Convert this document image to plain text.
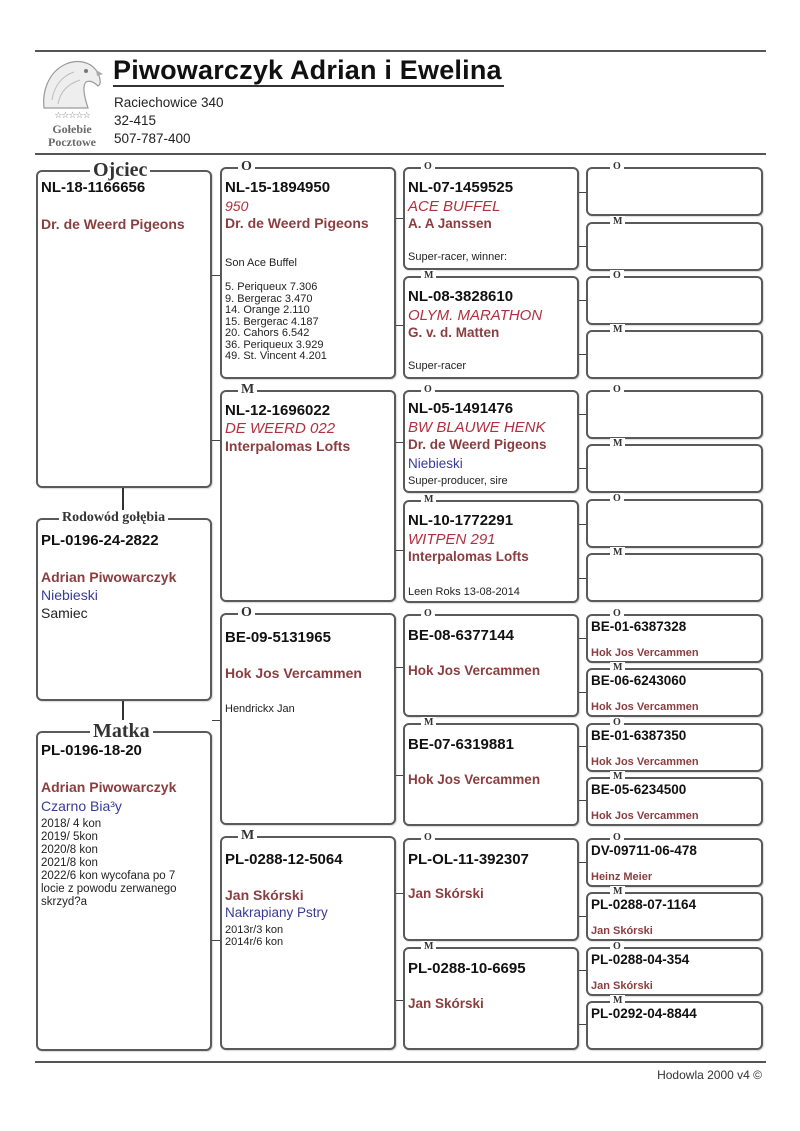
☆☆☆☆☆
Gołebie
Pocztowe
Piwowarczyk Adrian i Ewelina
Raciechowice 340
32-415
507-787-400
Ojciec
NL-18-1166656
Dr. de Weerd Pigeons
Rodowód gołębia
PL-0196-24-2822
Adrian Piwowarczyk
Niebieski
Samiec
Matka
PL-0196-18-20
Adrian Piwowarczyk
Czarno Bia³y
2018/ 4 kon
2019/ 5kon
2020/8 kon
2021/8 kon
2022/6 kon wycofana po 7
locie z powodu zerwanego
skrzyd?a
O
NL-15-1894950
950
Dr. de Weerd Pigeons
Son Ace Buffel
5. Periqueux 7.306
9. Bergerac 3.470
14. Orange 2.110
15. Bergerac 4.187
20. Cahors 6.542
36. Periqueux 3.929
49. St. Vincent 4.201
M
NL-12-1696022
DE WEERD 022
Interpalomas Lofts
O
BE-09-5131965
Hok Jos Vercammen
Hendrickx Jan
M
PL-0288-12-5064
Jan Skórski
Nakrapiany Pstry
2013r/3 kon
2014r/6 kon
O
NL-07-1459525
ACE BUFFEL
A. A Janssen
Super-racer, winner:
M
NL-08-3828610
OLYM. MARATHON
G. v. d. Matten
Super-racer
O
NL-05-1491476
BW BLAUWE HENK
Dr. de Weerd Pigeons
Niebieski
Super-producer, sire
M
NL-10-1772291
WITPEN 291
Interpalomas Lofts
Leen Roks 13-08-2014
O
BE-08-6377144
Hok Jos Vercammen
M
BE-07-6319881
Hok Jos Vercammen
O
PL-OL-11-392307
Jan Skórski
M
PL-0288-10-6695
Jan Skórski
O
M
O
M
O
M
O
M
O
BE-01-6387328
Hok Jos Vercammen
M
BE-06-6243060
Hok Jos Vercammen
O
BE-01-6387350
Hok Jos Vercammen
M
BE-05-6234500
Hok Jos Vercammen
O
DV-09711-06-478
Heinz Meier
M
PL-0288-07-1164
Jan Skórski
O
PL-0288-04-354
Jan Skórski
M
PL-0292-04-8844
Hodowla 2000 v4 ©
